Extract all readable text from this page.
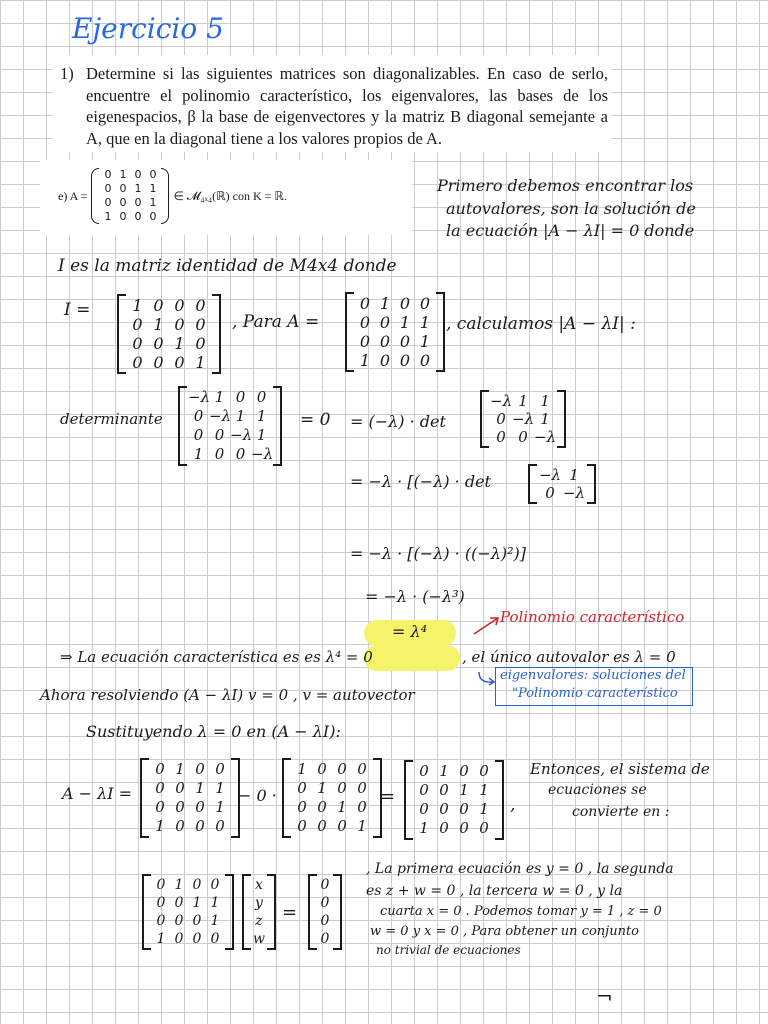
Ejercicio 5
1) Determine si las siguientes matrices son diagonalizables. En caso de serlo, encuentre el polinomio característico, los eigenvalores, las bases de los eigenespacios, β la base de eigenvectores y la matriz B diagonal semejante a A, que en la diagonal tiene a los valores propios de A.
e) A =
0 1 0 0
0 0 1 1
0 0 0 1
1 0 0 0
∈ 𝓜₄ₓ₄(ℝ) con K = ℝ.
Primero debemos encontrar los
autovalores, son la solución de
la ecuación |A − λI| = 0 donde
I es la matriz identidad de M4x4 donde
I =	1 0 0 0
0 1 0 0
0 0 1 0
0 0 0 1
, Para A =
0 1 0 0
0 0 1 1
0 0 0 1
1 0 0 0
, calculamos |A − λI| :
determinante
−λ 1 0 0
0 −λ 1 1
0 0 −λ 1
1 0 0 −λ
= 0 = (−λ) · det
−λ 1 1
0 −λ 1
0 0 −λ
= −λ · [(−λ) · det	−λ 1
0 −λ
= −λ · [(−λ) · ((−λ)²)]
= −λ · (−λ³)
= λ⁴
Polinomio característico
⇒ La ecuación característica es es λ⁴ = 0	, el único autovalor es λ = 0
eigenvalores: soluciones del
"Polinomio característico
Ahora resolviendo (A − λI) v = 0 , v = autovector
Sustituyendo λ = 0 en (A − λI):
A − λI =
0 1 0 0
0 0 1 1
0 0 0 1
1 0 0 0
− 0 ·
1 0 0 0
0 1 0 0
0 0 1 0
0 0 0 1
=
0 1 0 0
0 0 1 1
0 0 0 1
1 0 0 0
,
Entonces, el sistema de
ecuaciones se
convierte en :
0 1 0 0
0 0 1 1
0 0 0 1
1 0 0 0
x
y
z
w
=
0
0
0
0
, La primera ecuación es y = 0 , la segunda
es z + w = 0 , la tercera w = 0 , y la
cuarta x = 0 . Podemos tomar y = 1 , z = 0
w = 0 y x = 0 , Para obtener un conjunto
no trivial de ecuaciones
¬
